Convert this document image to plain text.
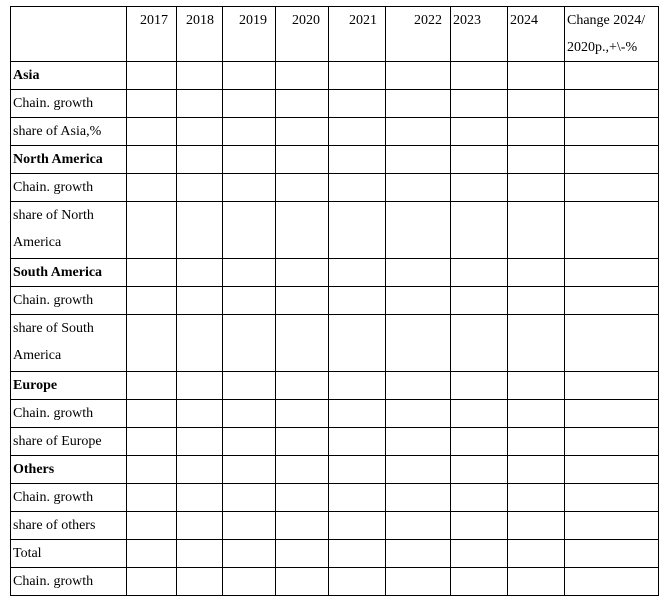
	2017	2018	2019	2020	2021	2022	2023	2024	Change 2024/ 2020p.,+\-%
Asia									
Chain. growth									
share of Asia,%									
North America									
Chain. growth									
share of North America									
South America									
Chain. growth									
share of South America									
Europe									
Chain. growth									
share of Europe									
Others									
Chain. growth									
share of others									
Total									
Chain. growth									
